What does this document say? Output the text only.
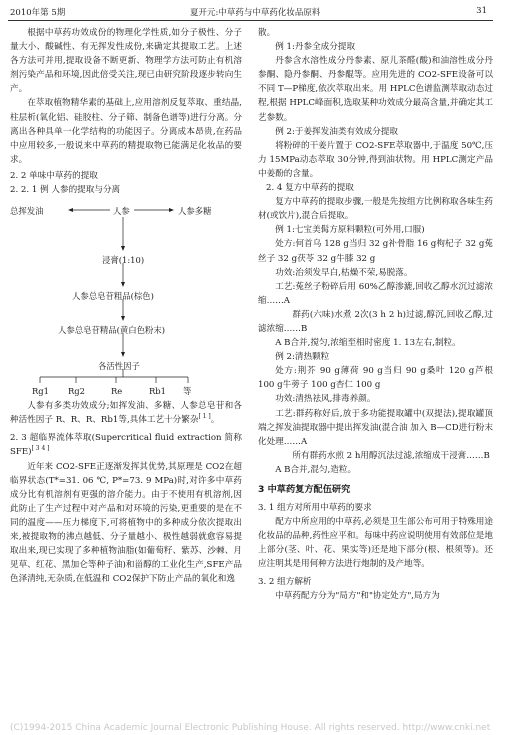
2010年第 5期	夏开元:中草药与中草药化妆品原料	31

根据中草药功效成份的物理化学性质,如分子极性、分子量大小、酸碱性、有无挥发性成份,来确定其提取工艺。上述各方法可并用,提取设备不断更新、物理学方法可防止有机溶剂污染产品和环境,因此倍受关注,现已由研究阶段逐步转向生产。

在萃取植物精华素的基础上,应用溶剂反复萃取、重结晶,柱层析(氧化铝、硅胶柱、分子筛、制备色谱等)进行分离。分离出各种具单一化学结构的功能因子。分离成本昂贵,在药品中应用较多,一般说来中草药的精提取物已能满足化妆品的要求。

2. 2 单味中草药的提取
2. 2. 1 例 人参的提取与分离
总挥发油	人参	人参多糖
浸膏(1:10)
人参总皂苷粗品(棕色)
人参总皂苷精品(黄白色粉末)
各活性因子
Rg1 Rg2	Re	Rb1 等

人参有多类功效成分;如挥发油、多糖、人参总皂苷和各种活性因子 R、R、R、Rb1等,具体工艺十分繁杂[ 1 ]。

2. 3 超临界流体萃取(Supercritical fluid extraction 简称 SFE)[ 3 4 ]

近年来 CO2-SFE正逐渐发挥其优势,其原理是 CO2在超临界状态(T*=31. 06 ℃, P*=73. 9 MPa)时,对许多中草药成分比有机溶剂有更强的溶介能力。由于不使用有机溶剂,因此防止了生产过程中对产品和对环境的污染,更重要的是在不同的温度——压力梯度下,可将植物中的多种成分依次提取出来,被提取物的沸点越低、分子量越小、极性越弱就愈容易提取出来,现已实现了多种植物油脂(如葡萄籽、紫苏、沙棘、月见草、红花、黑加仑等种子油)和甾醇的工业化生产,SFE产品色泽清纯,无杂质,在低温和 CO2保护下防止产品的氧化和逸

散。

例 1:丹参全成分提取

丹参含水溶性成分丹参素、原儿茶醛(酸)和油溶性成分丹参酮、隐丹参酮、丹参醌等。应用先进的 CO2-SFE设备可以不同 T—P梯度,依次萃取出来。用 HPLC色谱监测萃取动态过程,根据 HPLC峰面积,选取某种功效成分最高含量,并确定其工艺参数。

例 2:于姜挥发油类有效成分提取

将粉碎的干姜片置于 CO2-SFE萃取器中,于温度 50℃,压力 15MPa动态萃取 30分钟,得到油状物。用 HPLC测定产品中姜酚的含量。

2. 4 复方中草药的提取

复方中草药的提取步骤,一般是先按组方比例称取各味生药材(或饮片),混合后提取。

例 1:七宝美髯方原料颗粒(可外用,口服)

处方:何首乌 128 g当归 32 g补骨脂 16 g枸杞子 32 g菟丝子 32 g茯苓 32 g牛膝 32 g

功效:治须发早白,枯燥不荣,易脱落。

工艺:菟丝子粉碎后用 60%乙醇渗漉,回收乙醇水沉过滤浓缩……A

群药(六味)水煮 2次(3 h 2 h)过滤,醇沉,回收乙醇,过滤浓缩……B

A B合并,搅匀,浓缩至相时密度 1. 13左右,制粒。

例 2:清热颗粒

处方:荆芥 90 g薄荷 90 g当归 90 g桑叶 120 g芦根 100 g牛蒡子 100 g杏仁 100 g

功效:清热祛风,排毒养颜。

工艺:群药称好后,放于多功能提取罐中(双提法),提取罐顶端之挥发油提取器中提出挥发油(混合油 加入 B—CD进行粉末化处理……A

所有群药水煎 2 h用醇沉法过滤,浓缩成干浸膏……B

A B合并,混匀,造粒。

3 中草药复方配伍研究
3. 1 组方对所用中草药的要求

配方中所应用的中草药,必须是卫生部公布可用于特殊用途化妆品的品种,药性应平和。每味中药应说明使用有效部位是地上部分(茎、叶、花、果实等)还是地下部分(根、根须等)。还应注明其是用何种方法进行炮制的及产地等。

3. 2 组方解析

中草药配方分为"局方"和"协定处方",局方为

(C)1994-2015 China Academic Journal Electronic Publishing House. All rights reserved. http://www.cnki.net
